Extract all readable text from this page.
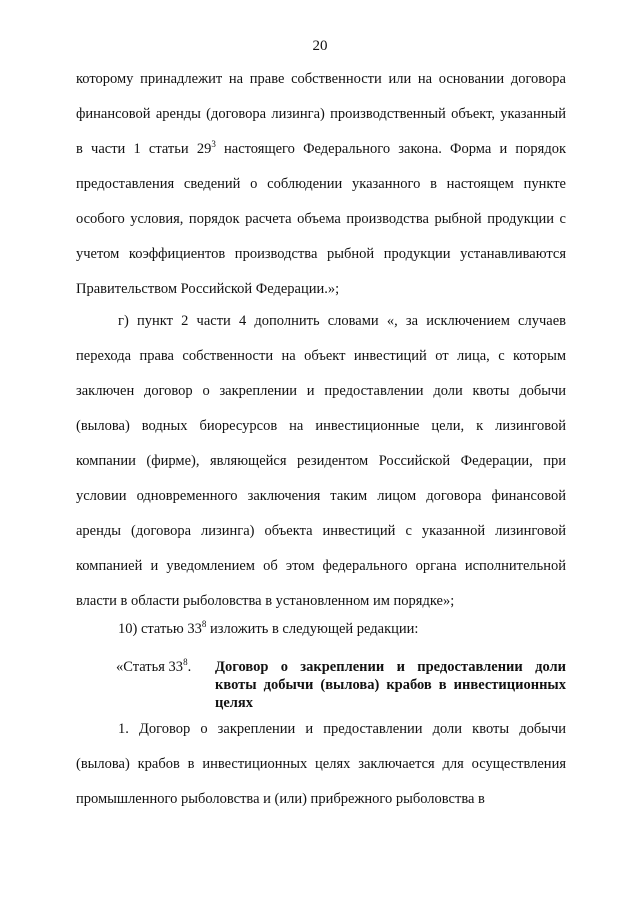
20
которому принадлежит на праве собственности или на основании договора финансовой аренды (договора лизинга) производственный объект, указанный в части 1 статьи $29^3$ настоящего Федерального закона. Форма и порядок предоставления сведений о соблюдении указанного в настоящем пункте особого условия, порядок расчета объема производства рыбной продукции с учетом коэффициентов производства рыбной продукции устанавливаются Правительством Российской Федерации.»;
г) пункт 2 части 4 дополнить словами «, за исключением случаев перехода права собственности на объект инвестиций от лица, с которым заключен договор о закреплении и предоставлении доли квоты добычи (вылова) водных биоресурсов на инвестиционные цели, к лизинговой компании (фирме), являющейся резидентом Российской Федерации, при условии одновременного заключения таким лицом договора финансовой аренды (договора лизинга) объекта инвестиций с указанной лизинговой компанией и уведомлением об этом федерального органа исполнительной власти в области рыболовства в установленном им порядке»;
10) статью $33^8$ изложить в следующей редакции:
«Статья $33^8$. Договор о закреплении и предоставлении доли квоты добычи (вылова) крабов в инвестиционных целях
1. Договор о закреплении и предоставлении доли квоты добычи (вылова) крабов в инвестиционных целях заключается для осуществления промышленного рыболовства и (или) прибрежного рыболовства в
